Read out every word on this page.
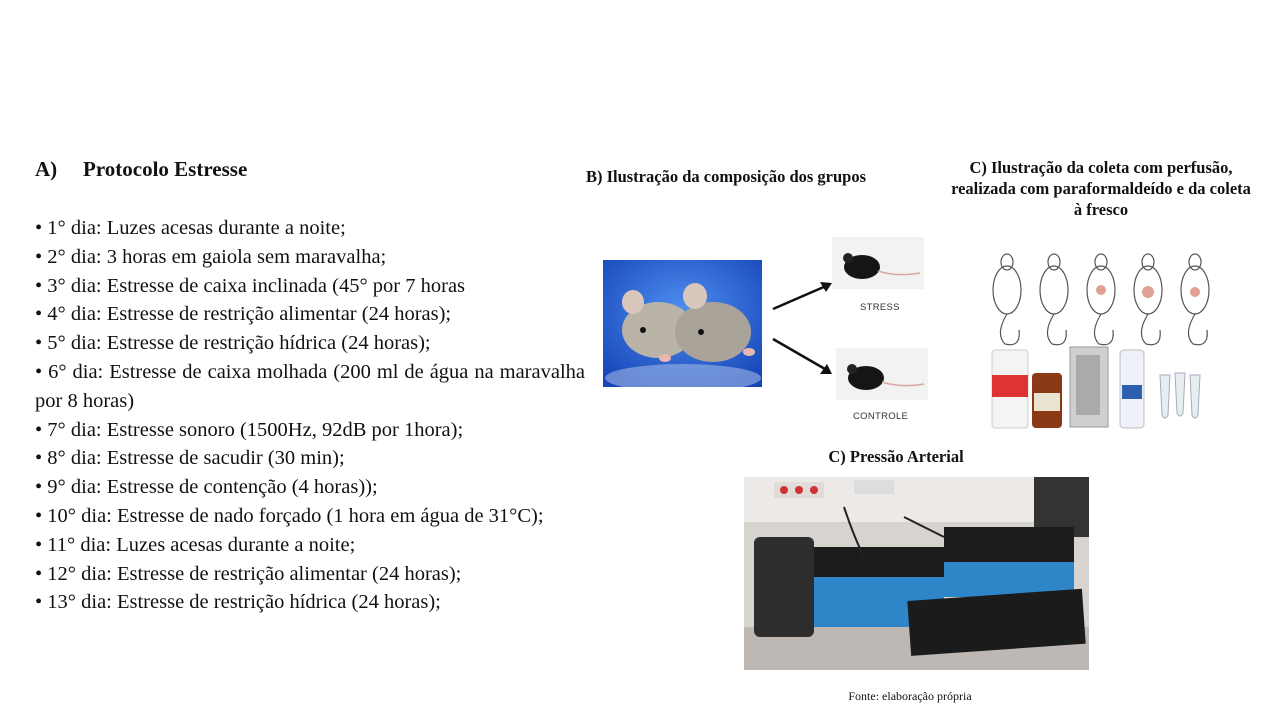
A) Protocolo Estresse
• 1° dia: Luzes acesas durante a noite;
• 2° dia: 3 horas em gaiola sem maravalha;
• 3° dia: Estresse de caixa inclinada (45° por 7 horas
• 4° dia: Estresse de restrição alimentar (24 horas);
• 5° dia: Estresse de restrição hídrica (24 horas);
• 6° dia: Estresse de caixa molhada (200 ml de água na maravalha por 8 horas)
• 7° dia: Estresse sonoro (1500Hz, 92dB por 1hora);
• 8° dia: Estresse de sacudir (30 min);
• 9° dia: Estresse de contenção (4 horas));
• 10° dia: Estresse de nado forçado (1 hora em água de 31°C);
• 11° dia: Luzes acesas durante a noite;
• 12° dia: Estresse de restrição alimentar (24 horas);
• 13° dia: Estresse de restrição hídrica (24 horas);
B) Ilustração da composição dos grupos
STRESS
CONTROLE
C) Ilustração da coleta com perfusão, realizada com paraformaldeído e da coleta à fresco
C) Pressão Arterial
Fonte: elaboração própria
